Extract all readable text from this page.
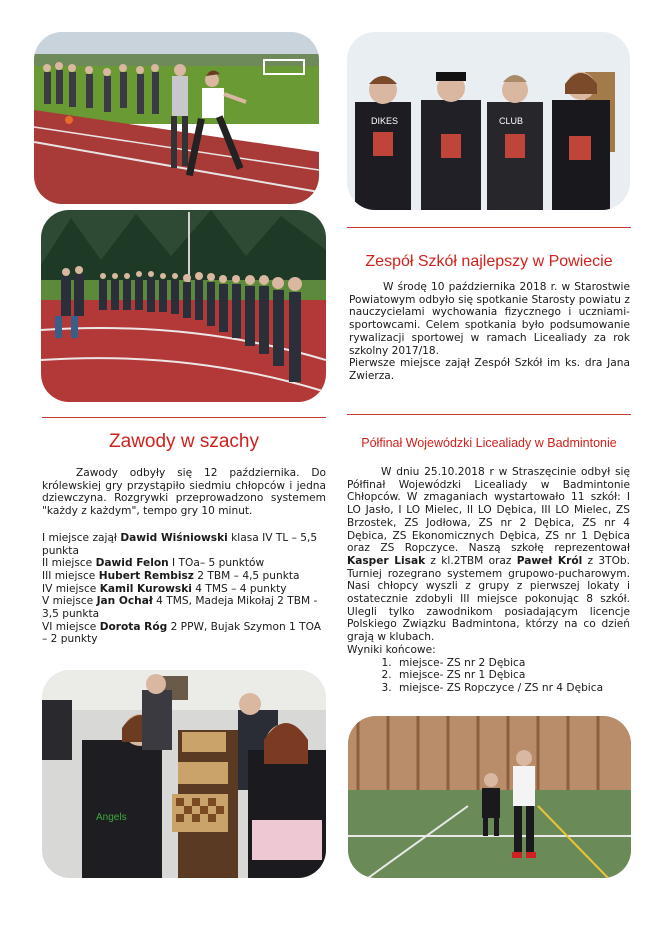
DIKES	CLUB
Zespół Szkół najlepszy w Powiecie

W środę 10 października 2018 r. w Starostwie Powiatowym odbyło się spotkanie Starosty powiatu z nauczycielami wychowania fizycznego i uczniami-sportowcami. Celem spotkania było podsumowanie rywalizacji sportowej w ramach Licealiady za rok szkolny 2017/18.

Pierwsze miejsce zajął Zespół Szkół im ks. dra Jana Zwierza.

Zawody w szachy

Zawody odbyły się 12 października. Do królewskiej gry przystąpiło siedmiu chłopców i jedna dziewczyna. Rozgrywki przeprowadzono systemem "każdy z każdym", tempo gry 10 minut.

I miejsce zajął Dawid Wiśniowski klasa IV TL – 5,5 punkta

II miejsce Dawid Felon I TOa– 5 punktów

III miejsce Hubert Rembisz 2 TBM – 4,5 punkta

IV miejsce Kamil Kurowski 4 TMS – 4 punkty

V miejsce Jan Ochał 4 TMS, Madeja Mikołaj 2 TBM - 3,5 punkta

VI miejsce Dorota Róg 2 PPW, Bujak Szymon 1 TOA – 2 punkty

Półfinał Wojewódzki Licealiady w Badmintonie

W dniu 25.10.2018 r w Straszęcinie odbył się Półfinał Wojewódzki Licealiady w Badmintonie Chłopców. W zmaganiach wystartowało 11 szkół: I LO Jasło, I LO Mielec, II LO Dębica, III LO Mielec, ZS Brzostek, ZS Jodłowa, ZS nr 2 Dębica, ZS nr 4 Dębica, ZS Ekonomicznych Dębica, ZS nr 1 Dębica oraz ZS Ropczyce. Naszą szkołę reprezentował Kasper Lisak z kl.2TBM oraz Paweł Król z 3TOb. Turniej rozegrano systemem grupowo-pucharowym. Nasi chłopcy wyszli z grupy z pierwszej lokaty i ostatecznie zdobyli III miejsce pokonując 8 szkół. Ulegli tylko zawodnikom posiadającym licencje Polskiego Związku Badmintona, którzy na co dzień grają w klubach.

Wyniki końcowe:

1. miejsce- ZS nr 2 Dębica
2. miejsce- ZS nr 1 Dębica
3. miejsce- ZS Ropczyce / ZS nr 4 Dębica
Angels
